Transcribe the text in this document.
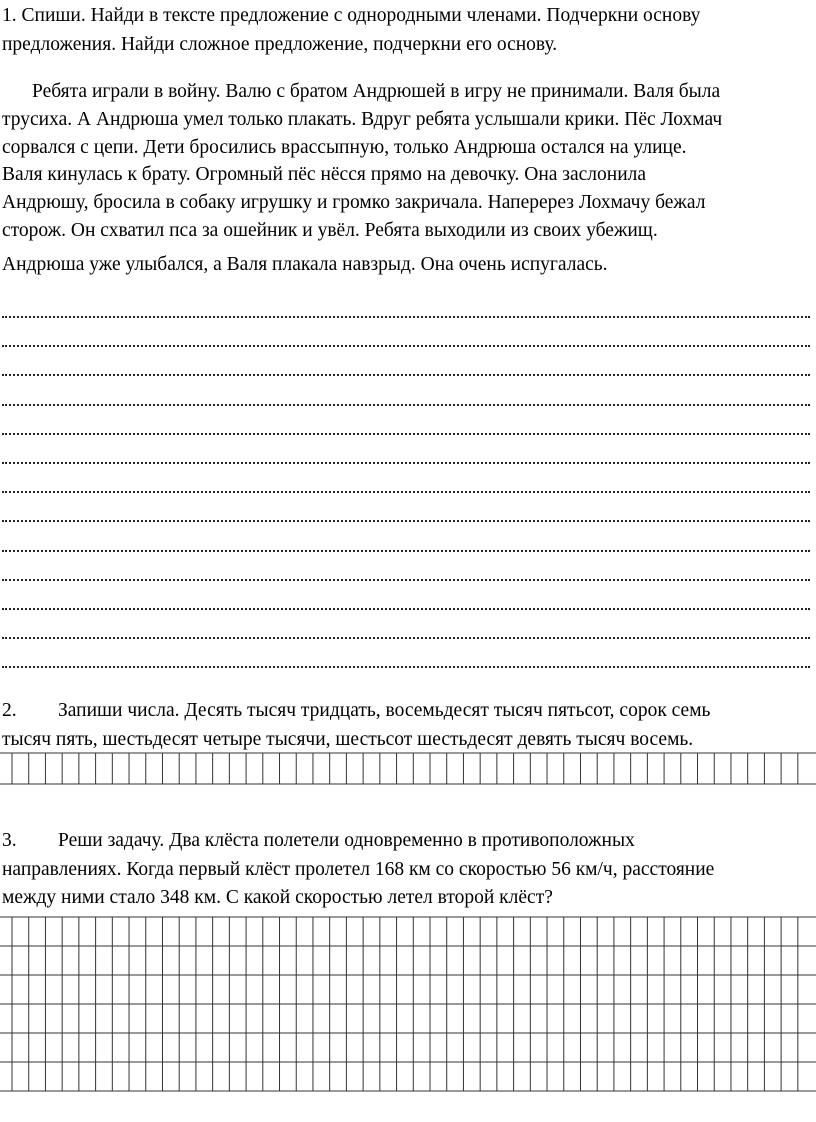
1. Спиши. Найди в тексте предложение с однородными членами. Подчеркни основу
предложения. Найди сложное предложение, подчеркни его основу.
Ребята играли в войну. Валю с братом Андрюшей в игру не принимали. Валя была
трусиха. А Андрюша умел только плакать. Вдруг ребята услышали крики. Пёс Лохмач
сорвался с цепи. Дети бросились врассыпную, только Андрюша остался на улице.
Валя кинулась к брату. Огромный пёс нёсся прямо на девочку. Она заслонила
Андрюшу, бросила в собаку игрушку и громко закричала. Наперерез Лохмачу бежал
сторож. Он схватил пса за ошейник и увёл. Ребята выходили из своих убежищ.
Андрюша уже улыбался, а Валя плакала навзрыд. Она очень испугалась.
2. Запиши числа. Десять тысяч тридцать, восемьдесят тысяч пятьсот, сорок семь
тысяч пять, шестьдесят четыре тысячи, шестьсот шестьдесят девять тысяч восемь.
3. Реши задачу. Два клёста полетели одновременно в противоположных
направлениях. Когда первый клёст пролетел 168 км со скоростью 56 км/ч, расстояние
между ними стало 348 км. С какой скоростью летел второй клёст?
